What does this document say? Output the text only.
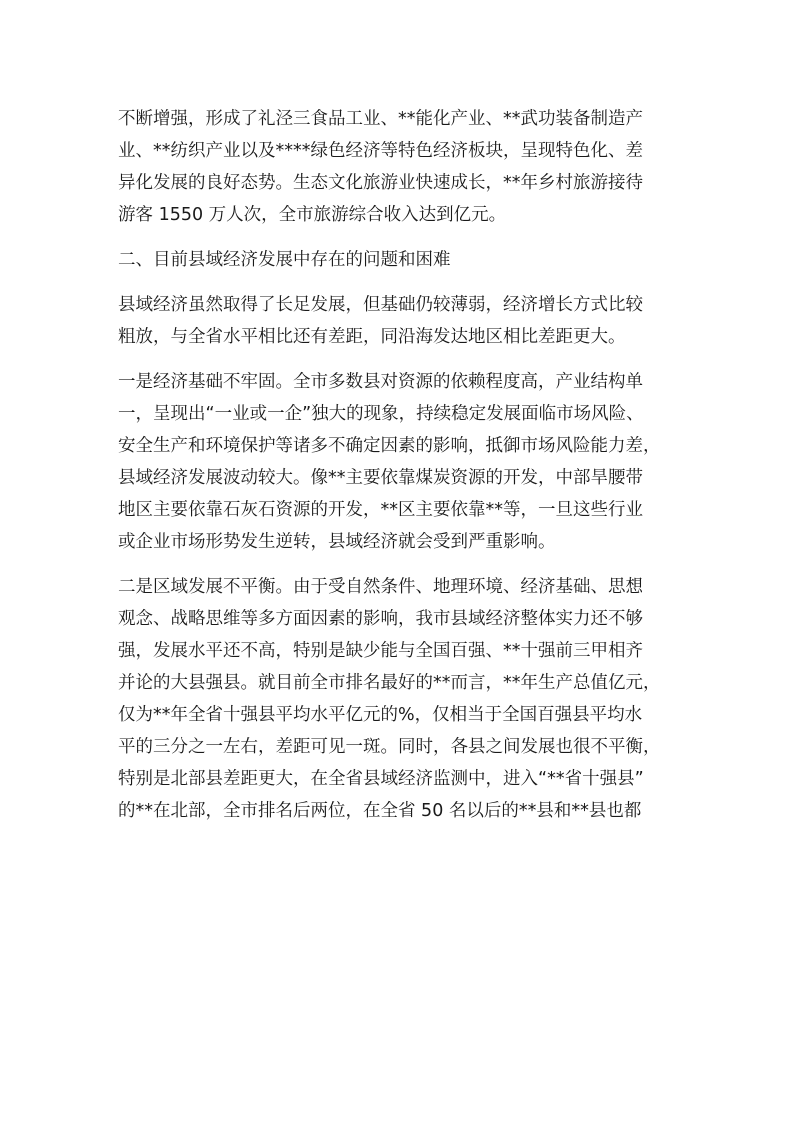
不断增强，形成了礼泾三食品工业、**能化产业、**武功装备制造产
业、**纺织产业以及****绿色经济等特色经济板块，呈现特色化、差
异化发展的良好态势。生态文化旅游业快速成长，**年乡村旅游接待
游客 1550 万人次，全市旅游综合收入达到亿元。
二、目前县域经济发展中存在的问题和困难
县域经济虽然取得了长足发展，但基础仍较薄弱，经济增长方式比较
粗放，与全省水平相比还有差距，同沿海发达地区相比差距更大。
一是经济基础不牢固。全市多数县对资源的依赖程度高，产业结构单
一，呈现出“一业或一企”独大的现象，持续稳定发展面临市场风险、
安全生产和环境保护等诸多不确定因素的影响，抵御市场风险能力差，
县域经济发展波动较大。像**主要依靠煤炭资源的开发，中部旱腰带
地区主要依靠石灰石资源的开发，**区主要依靠**等，一旦这些行业
或企业市场形势发生逆转，县域经济就会受到严重影响。
二是区域发展不平衡。由于受自然条件、地理环境、经济基础、思想
观念、战略思维等多方面因素的影响，我市县域经济整体实力还不够
强，发展水平还不高，特别是缺少能与全国百强、**十强前三甲相齐
并论的大县强县。就目前全市排名最好的**而言，**年生产总值亿元，
仅为**年全省十强县平均水平亿元的%，仅相当于全国百强县平均水
平的三分之一左右，差距可见一斑。同时，各县之间发展也很不平衡，
特别是北部县差距更大，在全省县域经济监测中，进入“**省十强县”
的**在北部，全市排名后两位，在全省 50 名以后的**县和**县也都
